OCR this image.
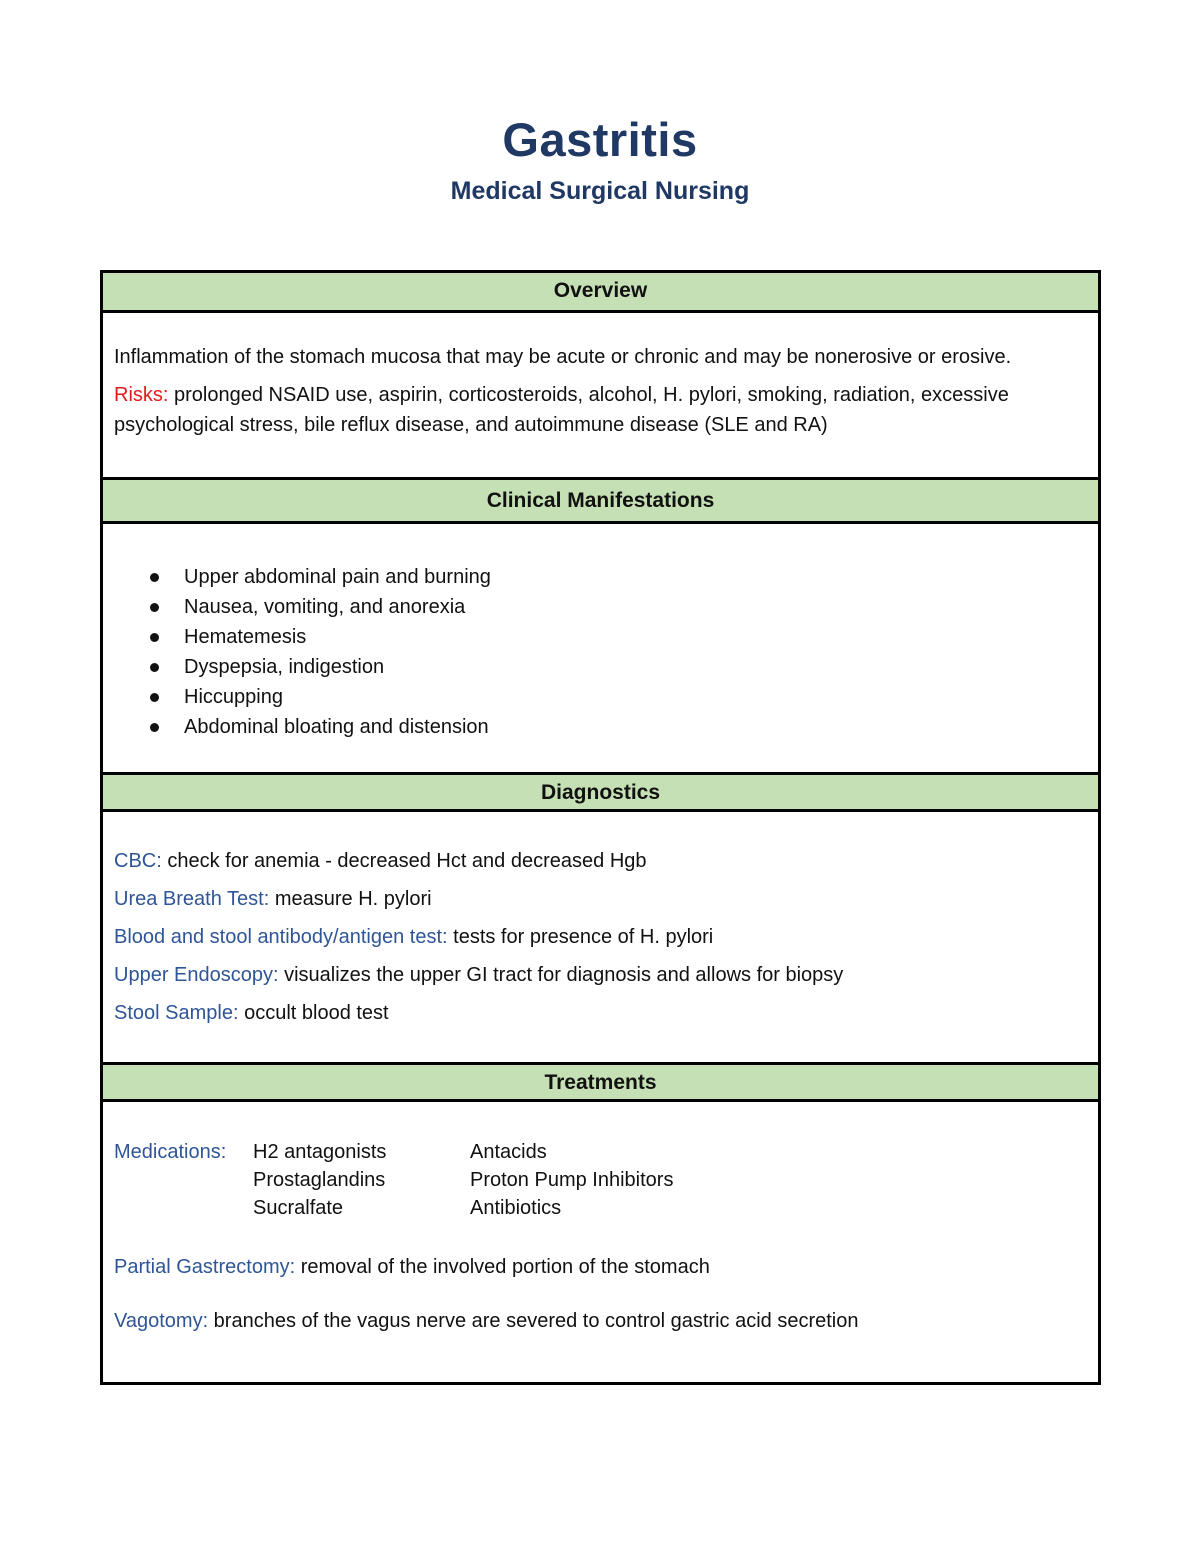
Gastritis
Medical Surgical Nursing
Overview

Inflammation of the stomach mucosa that may be acute or chronic and may be nonerosive or erosive.

Risks: prolonged NSAID use, aspirin, corticosteroids, alcohol, H. pylori, smoking, radiation, excessive psychological stress, bile reflux disease, and autoimmune disease (SLE and RA)

Clinical Manifestations
Upper abdominal pain and burning
Nausea, vomiting, and anorexia
Hematemesis
Dyspepsia, indigestion
Hiccupping
Abdominal bloating and distension
Diagnostics

CBC: check for anemia - decreased Hct and decreased Hgb

Urea Breath Test: measure H. pylori

Blood and stool antibody/antigen test: tests for presence of H. pylori

Upper Endoscopy: visualizes the upper GI tract for diagnosis and allows for biopsy

Stool Sample: occult blood test

Treatments
Medications:	H2 antagonists	Antacids
Prostaglandins	Proton Pump Inhibitors
Sucralfate	Antibiotics

Partial Gastrectomy: removal of the involved portion of the stomach

Vagotomy: branches of the vagus nerve are severed to control gastric acid secretion
